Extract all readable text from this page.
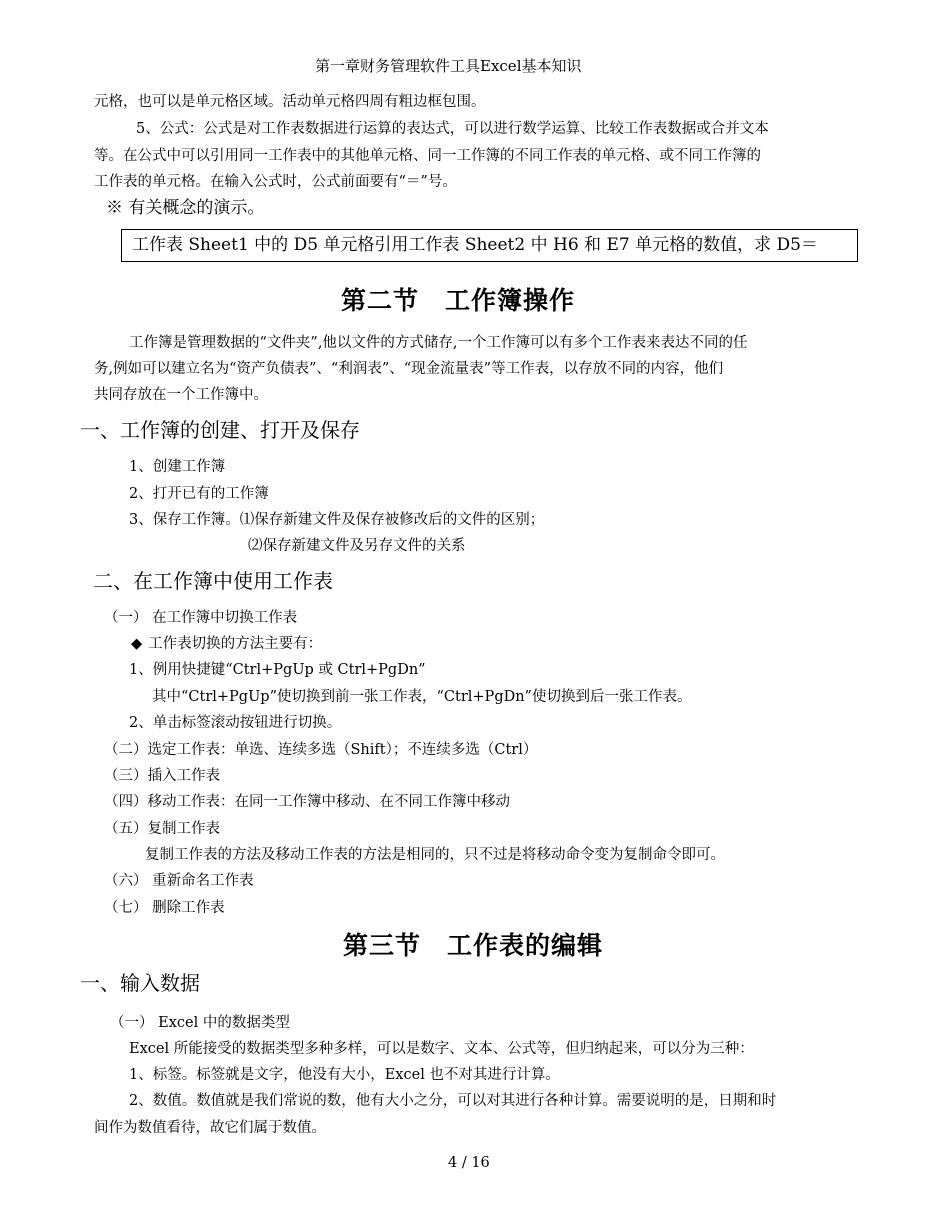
第一章财务管理软件工具Excel基本知识
元格，也可以是单元格区域。活动单元格四周有粗边框包围。
5、公式：公式是对工作表数据进行运算的表达式，可以进行数学运算、比较工作表数据或合并文本
等。在公式中可以引用同一工作表中的其他单元格、同一工作簿的不同工作表的单元格、或不同工作簿的
工作表的单元格。在输入公式时，公式前面要有“＝”号。
※ 有关概念的演示。
工作表 Sheet1 中的 D5 单元格引用工作表 Sheet2 中 H6 和 E7 单元格的数值，求 D5＝
第二节　工作簿操作
工作簿是管理数据的“文件夹”,他以文件的方式储存,一个工作簿可以有多个工作表来表达不同的任
务,例如可以建立名为“资产负债表”、“利润表”、“现金流量表”等工作表，以存放不同的内容，他们
共同存放在一个工作簿中。
一、工作簿的创建、打开及保存
1、创建工作簿
2、打开已有的工作簿
3、保存工作簿。⑴保存新建文件及保存被修改后的文件的区别；
⑵保存新建文件及另存文件的关系
二、在工作簿中使用工作表
（一） 在工作簿中切换工作表
◆ 工作表切换的方法主要有：
1、例用快捷键“Ctrl+PgUp 或 Ctrl+PgDn”
其中“Ctrl+PgUp”使切换到前一张工作表，“Ctrl+PgDn”使切换到后一张工作表。
2、单击标签滚动按钮进行切换。
（二）选定工作表：单选、连续多选（Shift）；不连续多选（Ctrl）
（三）插入工作表
（四）移动工作表：在同一工作簿中移动、在不同工作簿中移动
（五）复制工作表
复制工作表的方法及移动工作表的方法是相同的，只不过是将移动命令变为复制命令即可。
（六） 重新命名工作表
（七） 删除工作表
第三节　工作表的编辑
一、输入数据
（一） Excel 中的数据类型
Excel 所能接受的数据类型多种多样，可以是数字、文本、公式等，但归纳起来，可以分为三种：
1、标签。标签就是文字，他没有大小，Excel 也不对其进行计算。
2、数值。数值就是我们常说的数，他有大小之分，可以对其进行各种计算。需要说明的是，日期和时
间作为数值看待，故它们属于数值。
4 / 16
